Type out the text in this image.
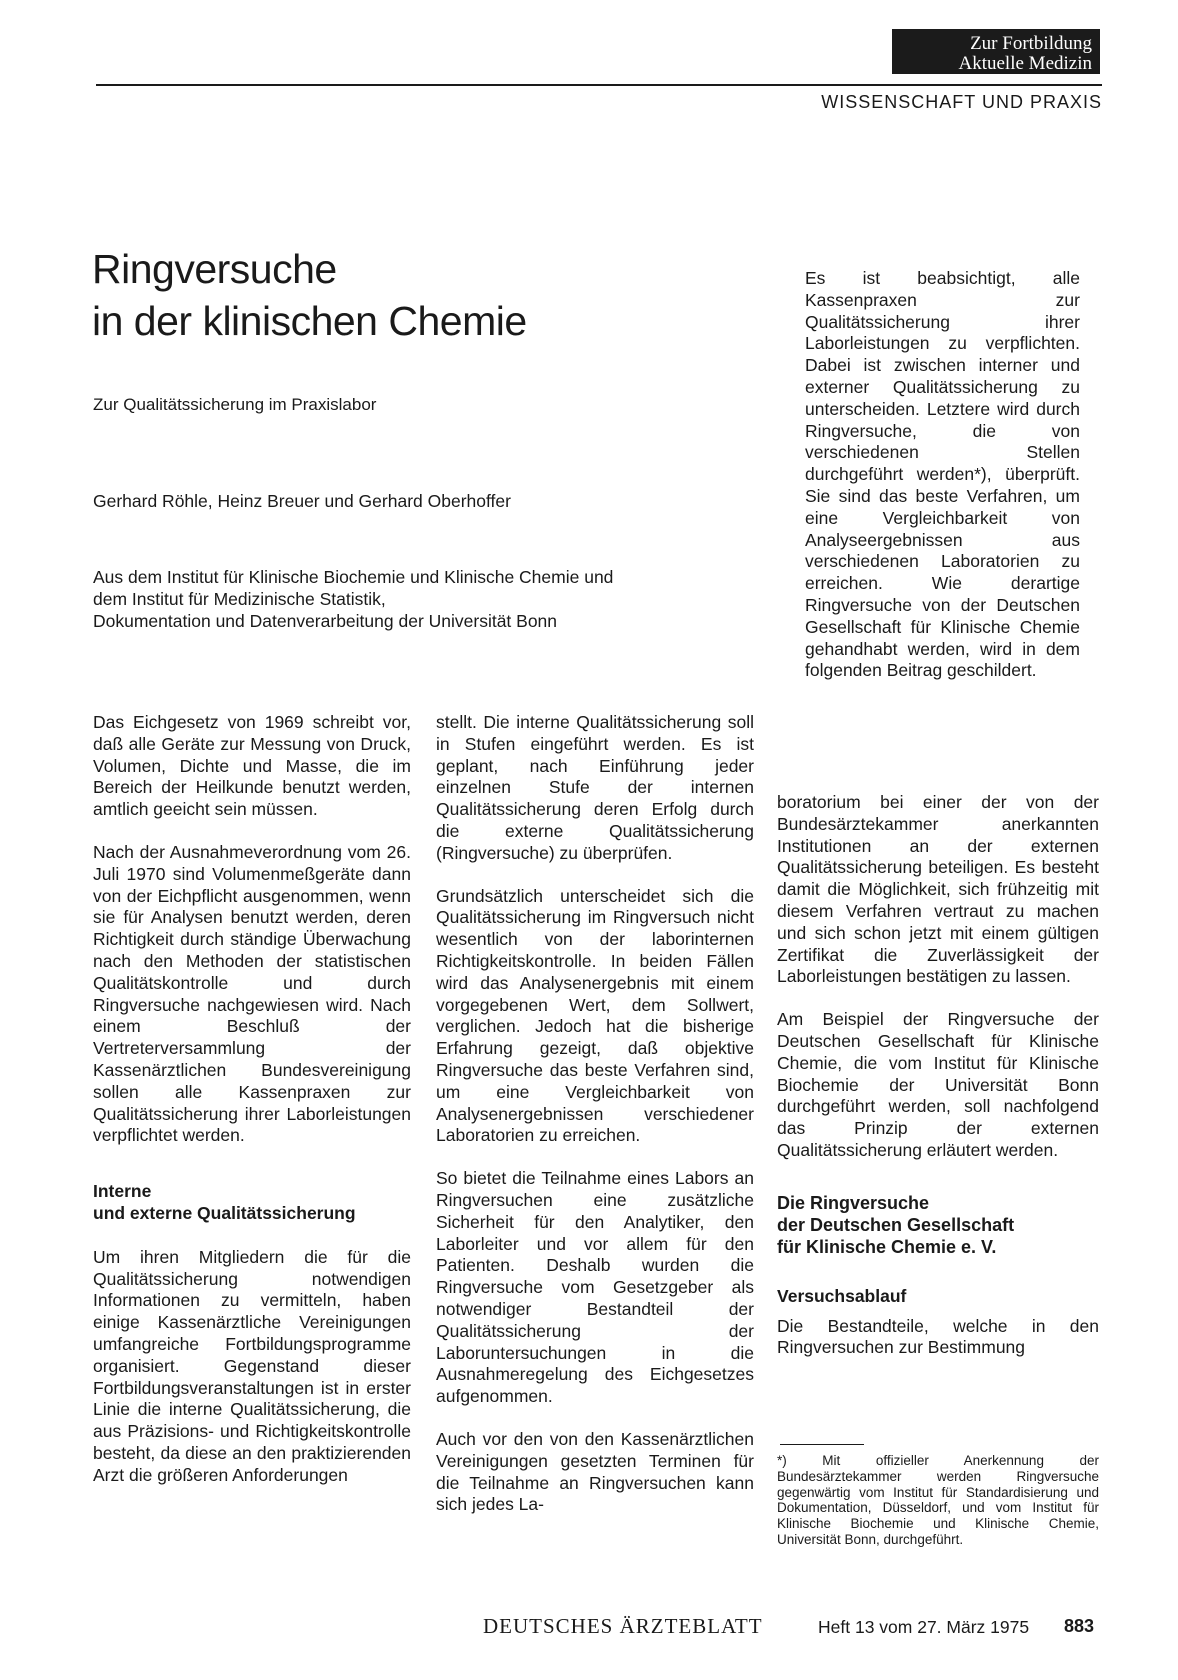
Zur Fortbildung
Aktuelle Medizin
WISSENSCHAFT UND PRAXIS
Ringversuche
in der klinischen Chemie
Zur Qualitätssicherung im Praxislabor
Gerhard Röhle, Heinz Breuer und Gerhard Oberhoffer
Aus dem Institut für Klinische Biochemie und Klinische Chemie und
dem Institut für Medizinische Statistik,
Dokumentation und Datenverarbeitung der Universität Bonn

Es ist beabsichtigt, alle Kassenpraxen zur Qualitätssicherung ihrer Laborleistungen zu verpflichten. Dabei ist zwischen interner und externer Qualitätssicherung zu unterscheiden. Letztere wird durch Ringversuche, die von verschiedenen Stellen durchgeführt werden*), überprüft. Sie sind das beste Verfahren, um eine Vergleichbarkeit von Analyseergebnissen aus verschiedenen Laboratorien zu erreichen. Wie derartige Ringversuche von der Deutschen Gesellschaft für Klinische Chemie gehandhabt werden, wird in dem folgenden Beitrag geschildert.

Das Eichgesetz von 1969 schreibt vor, daß alle Geräte zur Messung von Druck, Volumen, Dichte und Masse, die im Bereich der Heilkunde benutzt werden, amtlich geeicht sein müssen.

Nach der Ausnahmeverordnung vom 26. Juli 1970 sind Volumenmeßgeräte dann von der Eichpflicht ausgenommen, wenn sie für Analysen benutzt werden, deren Richtigkeit durch ständige Überwachung nach den Methoden der statistischen Qualitätskontrolle und durch Ringversuche nachgewiesen wird. Nach einem Beschluß der Vertreterversammlung der Kassenärztlichen Bundesvereinigung sollen alle Kassenpraxen zur Qualitätssicherung ihrer Laborleistungen verpflichtet werden.

Interne
und externe Qualitätssicherung

Um ihren Mitgliedern die für die Qualitätssicherung notwendigen Informationen zu vermitteln, haben einige Kassenärztliche Vereinigungen umfangreiche Fortbildungsprogramme organisiert. Gegenstand dieser Fortbildungsveranstaltungen ist in erster Linie die interne Qualitätssicherung, die aus Präzisions- und Richtigkeitskontrolle besteht, da diese an den praktizierenden Arzt die größeren Anforderungen

stellt. Die interne Qualitätssicherung soll in Stufen eingeführt werden. Es ist geplant, nach Einführung jeder einzelnen Stufe der internen Qualitätssicherung deren Erfolg durch die externe Qualitätssicherung (Ringversuche) zu überprüfen.

Grundsätzlich unterscheidet sich die Qualitätssicherung im Ringversuch nicht wesentlich von der laborinternen Richtigkeitskontrolle. In beiden Fällen wird das Analysenergebnis mit einem vorgegebenen Wert, dem Sollwert, verglichen. Jedoch hat die bisherige Erfahrung gezeigt, daß objektive Ringversuche das beste Verfahren sind, um eine Vergleichbarkeit von Analysenergebnissen verschiedener Laboratorien zu erreichen.

So bietet die Teilnahme eines Labors an Ringversuchen eine zusätzliche Sicherheit für den Analytiker, den Laborleiter und vor allem für den Patienten. Deshalb wurden die Ringversuche vom Gesetzgeber als notwendiger Bestandteil der Qualitätssicherung der Laboruntersuchungen in die Ausnahmeregelung des Eichgesetzes aufgenommen.

Auch vor den von den Kassenärztlichen Vereinigungen gesetzten Terminen für die Teilnahme an Ringversuchen kann sich jedes La-

boratorium bei einer der von der Bundesärztekammer anerkannten Institutionen an der externen Qualitätssicherung beteiligen. Es besteht damit die Möglichkeit, sich frühzeitig mit diesem Verfahren vertraut zu machen und sich schon jetzt mit einem gültigen Zertifikat die Zuverlässigkeit der Laborleistungen bestätigen zu lassen.

Am Beispiel der Ringversuche der Deutschen Gesellschaft für Klinische Chemie, die vom Institut für Klinische Biochemie der Universität Bonn durchgeführt werden, soll nachfolgend das Prinzip der externen Qualitätssicherung erläutert werden.

Die Ringversuche
der Deutschen Gesellschaft
für Klinische Chemie e. V.
Versuchsablauf

Die Bestandteile, welche in den Ringversuchen zur Bestimmung

*) Mit offizieller Anerkennung der Bundesärztekammer werden Ringversuche gegenwärtig vom Institut für Standardisierung und Dokumentation, Düsseldorf, und vom Institut für Klinische Biochemie und Klinische Chemie, Universität Bonn, durchgeführt.
DEUTSCHES ÄRZTEBLATT	Heft 13 vom 27. März 1975 883
